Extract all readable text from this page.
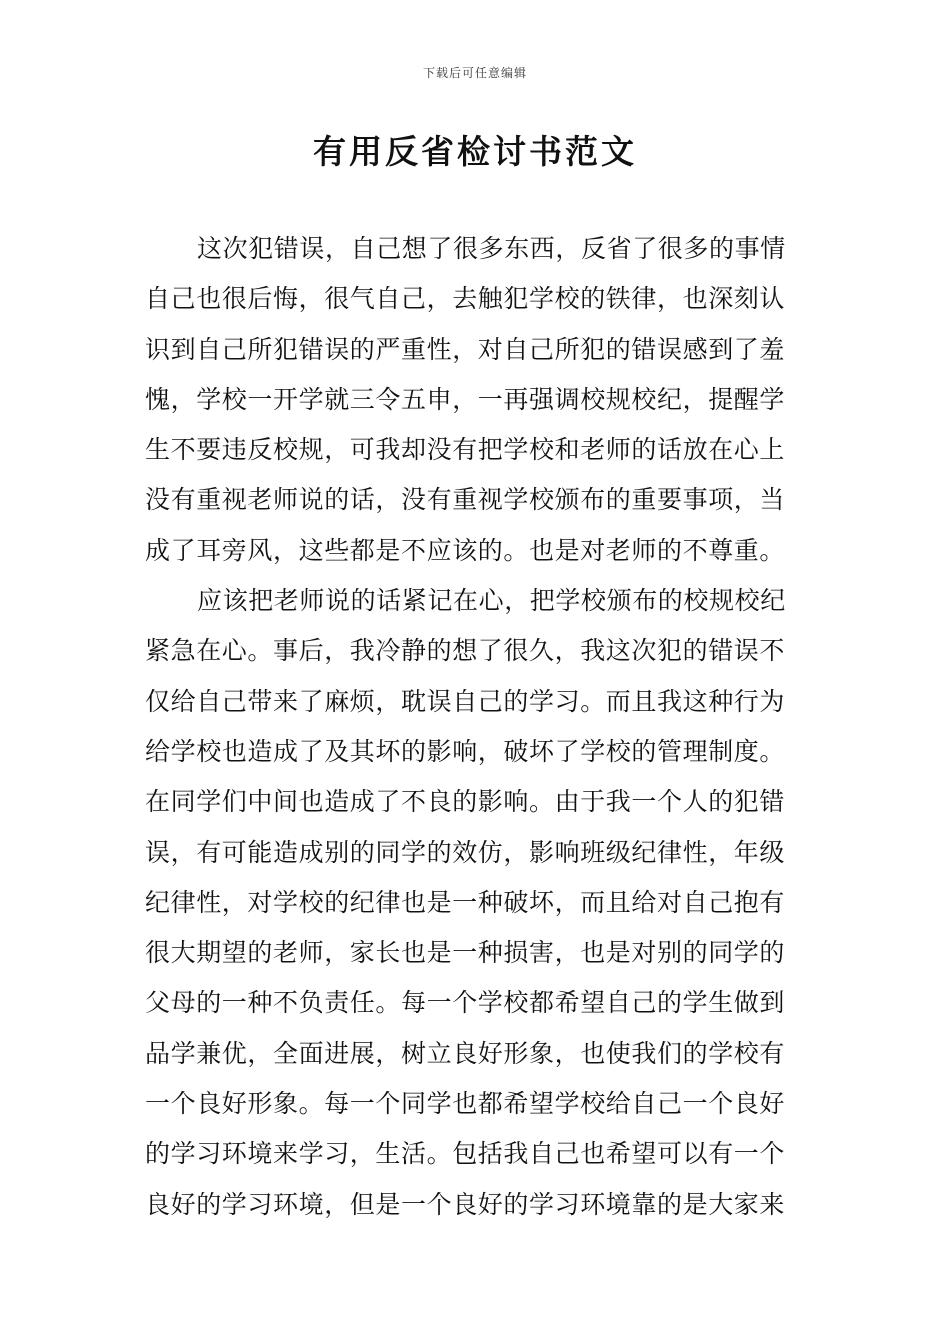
下载后可任意编辑
有用反省检讨书范文
这次犯错误，自己想了很多东西，反省了很多的事情
自己也很后悔，很气自己，去触犯学校的铁律，也深刻认
识到自己所犯错误的严重性，对自己所犯的错误感到了羞
愧，学校一开学就三令五申，一再强调校规校纪，提醒学
生不要违反校规，可我却没有把学校和老师的话放在心上
没有重视老师说的话，没有重视学校颁布的重要事项，当
成了耳旁风，这些都是不应该的。也是对老师的不尊重。
应该把老师说的话紧记在心，把学校颁布的校规校纪
紧急在心。事后，我冷静的想了很久，我这次犯的错误不
仅给自己带来了麻烦，耽误自己的学习。而且我这种行为
给学校也造成了及其坏的影响，破坏了学校的管理制度。
在同学们中间也造成了不良的影响。由于我一个人的犯错
误，有可能造成别的同学的效仿，影响班级纪律性，年级
纪律性，对学校的纪律也是一种破坏，而且给对自己抱有
很大期望的老师，家长也是一种损害，也是对别的同学的
父母的一种不负责任。每一个学校都希望自己的学生做到
品学兼优，全面进展，树立良好形象，也使我们的学校有
一个良好形象。每一个同学也都希望学校给自己一个良好
的学习环境来学习，生活。包括我自己也希望可以有一个
良好的学习环境，但是一个良好的学习环境靠的是大家来
